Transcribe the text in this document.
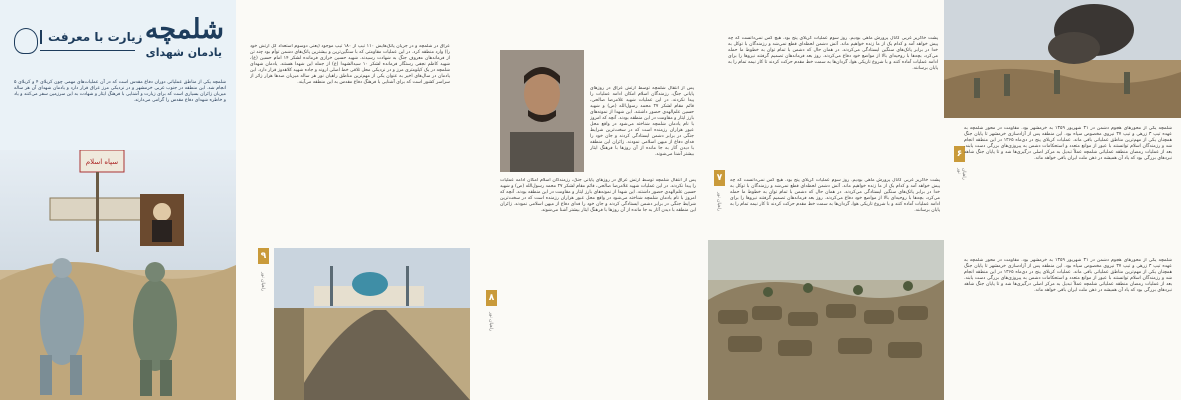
شلمچه
یادمان شهدای
زیارت با معرفت
شلمچه یکی از مناطق عملیاتی دوران دفاع مقدس است که در آن عملیات‌های مهمی چون کربلای ۴ و کربلای ۵ انجام شد. این منطقه در جنوب غربی خرمشهر و در نزدیکی مرز عراق قرار دارد و یادمان شهدای آن هر ساله میزبان زائران بسیاری است که برای زیارت و آشنایی با فرهنگ ایثار و شهادت به این سرزمین سفر می‌کنند و یاد و خاطره شهدای دفاع مقدس را گرامی می‌دارند.
سپاه اسلام
عراق در شلمچه و در جریان پاتک‌هایش ۱۱۰ تیپ از ۱۸۰ تیپ موجود (یعنی دوسوم استعداد کل ارتش خود را) وارد منطقه کرد. در این عملیات مقاومتی که با سنگین‌ترین و بیشترین پاتک‌های دشمن توأم بود چند تن از فرماندهان معروف جنگ به شهادت رسیدند. شهید حسین خرازی فرمانده لشکر ۱۴ امام حسین (ع)، شهید کاظم نجفی رستگار فرمانده لشکر ۱۰ سیدالشهدا (ع) از جمله این شهدا هستند. یادمان شهدای شلمچه در یک کیلومتری مرز و در نزدیکی محل تلاقی خط اصلی اروند و جاده شهید کلاهدوز قرار دارد. این یادمان در سال‌های اخیر به عنوان یکی از مهم‌ترین مناطق راهیان نور هر ساله میزبان صدها هزار زائر از سراسر کشور است که برای آشنایی با فرهنگ دفاع مقدس به این منطقه می‌آیند.
۹
راهیان نور
پس از انتقال شلمچه توسط ارتش عراق در روزهای پایانی جنگ، رزمندگان اسلام امکان ادامه عملیات را پیدا نکردند. در این عملیات شهید غلامرضا صالحی، قائم مقام لشکر ۲۷ محمد رسول‌الله (ص) و شهید حسین علم‌الهدی حضور داشتند. این شهدا از نمونه‌های بارز ایثار و مقاومت در این منطقه بودند. آنچه که امروز با نام یادمان شلمچه شناخته می‌شود در واقع محل عبور هزاران رزمنده است که در سخت‌ترین شرایط جنگی در برابر دشمن ایستادگی کردند و جان خود را فدای دفاع از میهن اسلامی نمودند. زائران این منطقه با دیدن آثار به جا مانده از آن روزها با فرهنگ ایثار بیشتر آشنا می‌شوند.
پس از انتقال شلمچه توسط ارتش عراق در روزهای پایانی جنگ، رزمندگان اسلام امکان ادامه عملیات را پیدا نکردند. در این عملیات شهید غلامرضا صالحی، قائم مقام لشکر ۲۷ محمد رسول‌الله (ص) و شهید حسین علم‌الهدی حضور داشتند. این شهدا از نمونه‌های بارز ایثار و مقاومت در این منطقه بودند. آنچه که امروز با نام یادمان شلمچه شناخته می‌شود در واقع محل عبور هزاران رزمنده است که در سخت‌ترین شرایط جنگی در برابر دشمن ایستادگی کردند و جان خود را فدای دفاع از میهن اسلامی نمودند. زائران این منطقه با دیدن آثار به جا مانده از آن روزها با فرهنگ ایثار بیشتر آشنا می‌شوند.
۸
راهیان نور
پشت خاکریز غربی کانال پرورش ماهی بودیم. روز سوم عملیات کربلای پنج بود. هیچ کس نمی‌دانست که چه پیش خواهد آمد و کدام یک از ما زنده خواهیم ماند. آتش دشمن لحظه‌ای قطع نمی‌شد و رزمندگان با توکل به خدا در برابر پاتک‌های سنگین ایستادگی می‌کردند. در همان حال که دشمن با تمام توان به خطوط ما حمله می‌کرد، بچه‌ها با روحیه‌ای بالا از مواضع خود دفاع می‌کردند. روز بعد فرماندهان تصمیم گرفتند نیروها را برای ادامه عملیات آماده کنند و با شروع تاریکی هوا، گردان‌ها به سمت خط مقدم حرکت کردند تا کار نیمه تمام را به پایان برسانند.
۷
راهیان نور
پشت خاکریز غربی کانال پرورش ماهی بودیم. روز سوم عملیات کربلای پنج بود. هیچ کس نمی‌دانست که چه پیش خواهد آمد و کدام یک از ما زنده خواهیم ماند. آتش دشمن لحظه‌ای قطع نمی‌شد و رزمندگان با توکل به خدا در برابر پاتک‌های سنگین ایستادگی می‌کردند. در همان حال که دشمن با تمام توان به خطوط ما حمله می‌کرد، بچه‌ها با روحیه‌ای بالا از مواضع خود دفاع می‌کردند. روز بعد فرماندهان تصمیم گرفتند نیروها را برای ادامه عملیات آماده کنند و با شروع تاریکی هوا، گردان‌ها به سمت خط مقدم حرکت کردند تا کار نیمه تمام را به پایان برسانند.
۶
راهیان نور
شلمچه یکی از محورهای هجوم دشمن در ۳۱ شهریور ۱۳۵۹ به خرمشهر بود. مقاومت در محور شلمچه به عهده تیپ ۳ زرهی و تیپ ۳۷ نیروی مخصوص سپاه بود. این منطقه پس از آزادسازی خرمشهر تا پایان جنگ همچنان یکی از مهم‌ترین مناطق عملیاتی باقی ماند. عملیات کربلای پنج در دی‌ماه ۱۳۶۵ در این منطقه انجام شد و رزمندگان اسلام توانستند با عبور از موانع متعدد و استحکامات دشمن به پیروزی‌های بزرگی دست یابند. بعد از عملیات رمضان منطقه عملیاتی شلمچه عملاً تبدیل به مرکز اصلی درگیری‌ها شد و تا پایان جنگ شاهد نبردهای بزرگی بود که یاد آن همیشه در ذهن ملت ایران باقی خواهد ماند.
شلمچه یکی از محورهای هجوم دشمن در ۳۱ شهریور ۱۳۵۹ به خرمشهر بود. مقاومت در محور شلمچه به عهده تیپ ۳ زرهی و تیپ ۳۷ نیروی مخصوص سپاه بود. این منطقه پس از آزادسازی خرمشهر تا پایان جنگ همچنان یکی از مهم‌ترین مناطق عملیاتی باقی ماند. عملیات کربلای پنج در دی‌ماه ۱۳۶۵ در این منطقه انجام شد و رزمندگان اسلام توانستند با عبور از موانع متعدد و استحکامات دشمن به پیروزی‌های بزرگی دست یابند. بعد از عملیات رمضان منطقه عملیاتی شلمچه عملاً تبدیل به مرکز اصلی درگیری‌ها شد و تا پایان جنگ شاهد نبردهای بزرگی بود که یاد آن همیشه در ذهن ملت ایران باقی خواهد ماند.
